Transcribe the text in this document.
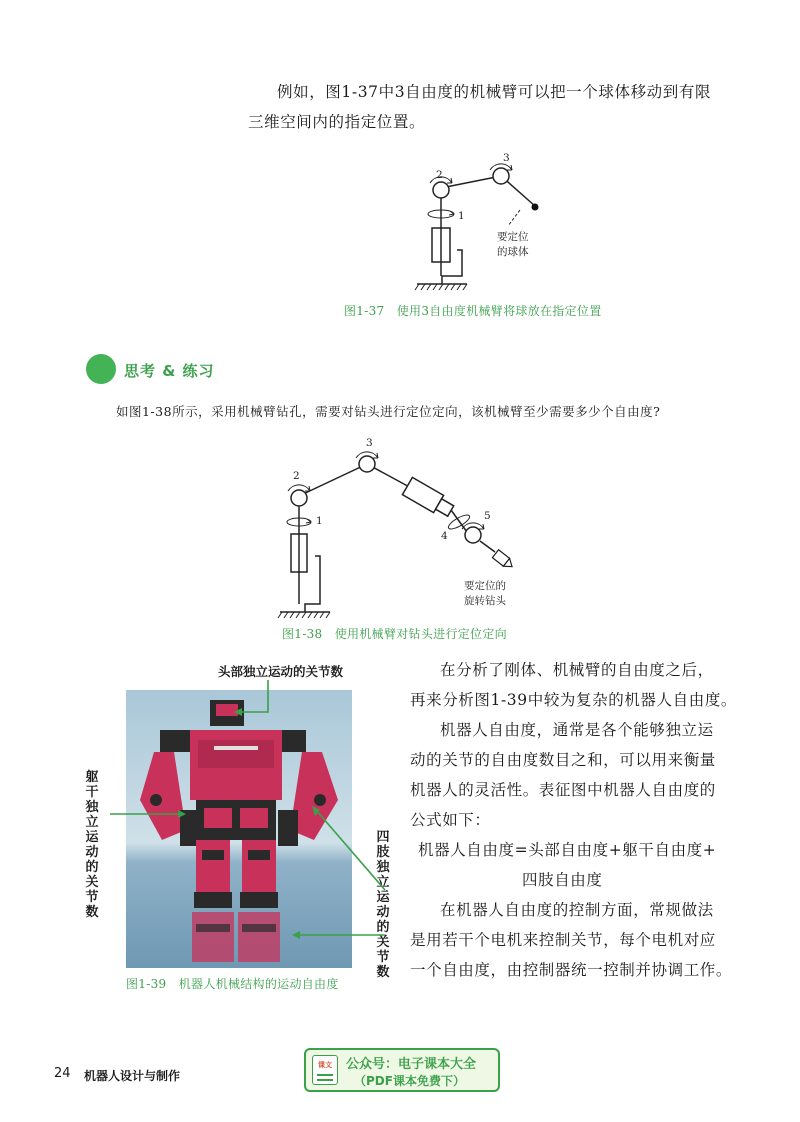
例如，图1-37中3自由度的机械臂可以把一个球体移动到有限
三维空间内的指定位置。
2
3
1
要定位
的球体
图1-37　使用3自由度机械臂将球放在指定位置
思考 & 练习
如图1-38所示，采用机械臂钻孔，需要对钻头进行定位定向，该机械臂至少需要多少个自由度?
2
3
1
4
5
要定位的
旋转钻头
图1-38　使用机械臂对钻头进行定位定向
头部独立运动的关节数
躯干独立运动的关节数
四肢独立运动的关节数
图1-39　机器人机械结构的运动自由度
在分析了刚体、机械臂的自由度之后，
再来分析图1-39中较为复杂的机器人自由度。
机器人自由度，通常是各个能够独立运
动的关节的自由度数目之和，可以用来衡量
机器人的灵活性。表征图中机器人自由度的
公式如下：
机器人自由度=头部自由度+躯干自由度+
四肢自由度
在机器人自由度的控制方面，常规做法
是用若干个电机来控制关节，每个电机对应
一个自由度，由控制器统一控制并协调工作。
24 机器人设计与制作
课文	公众号：电子课本大全
（PDF课本免费下）
